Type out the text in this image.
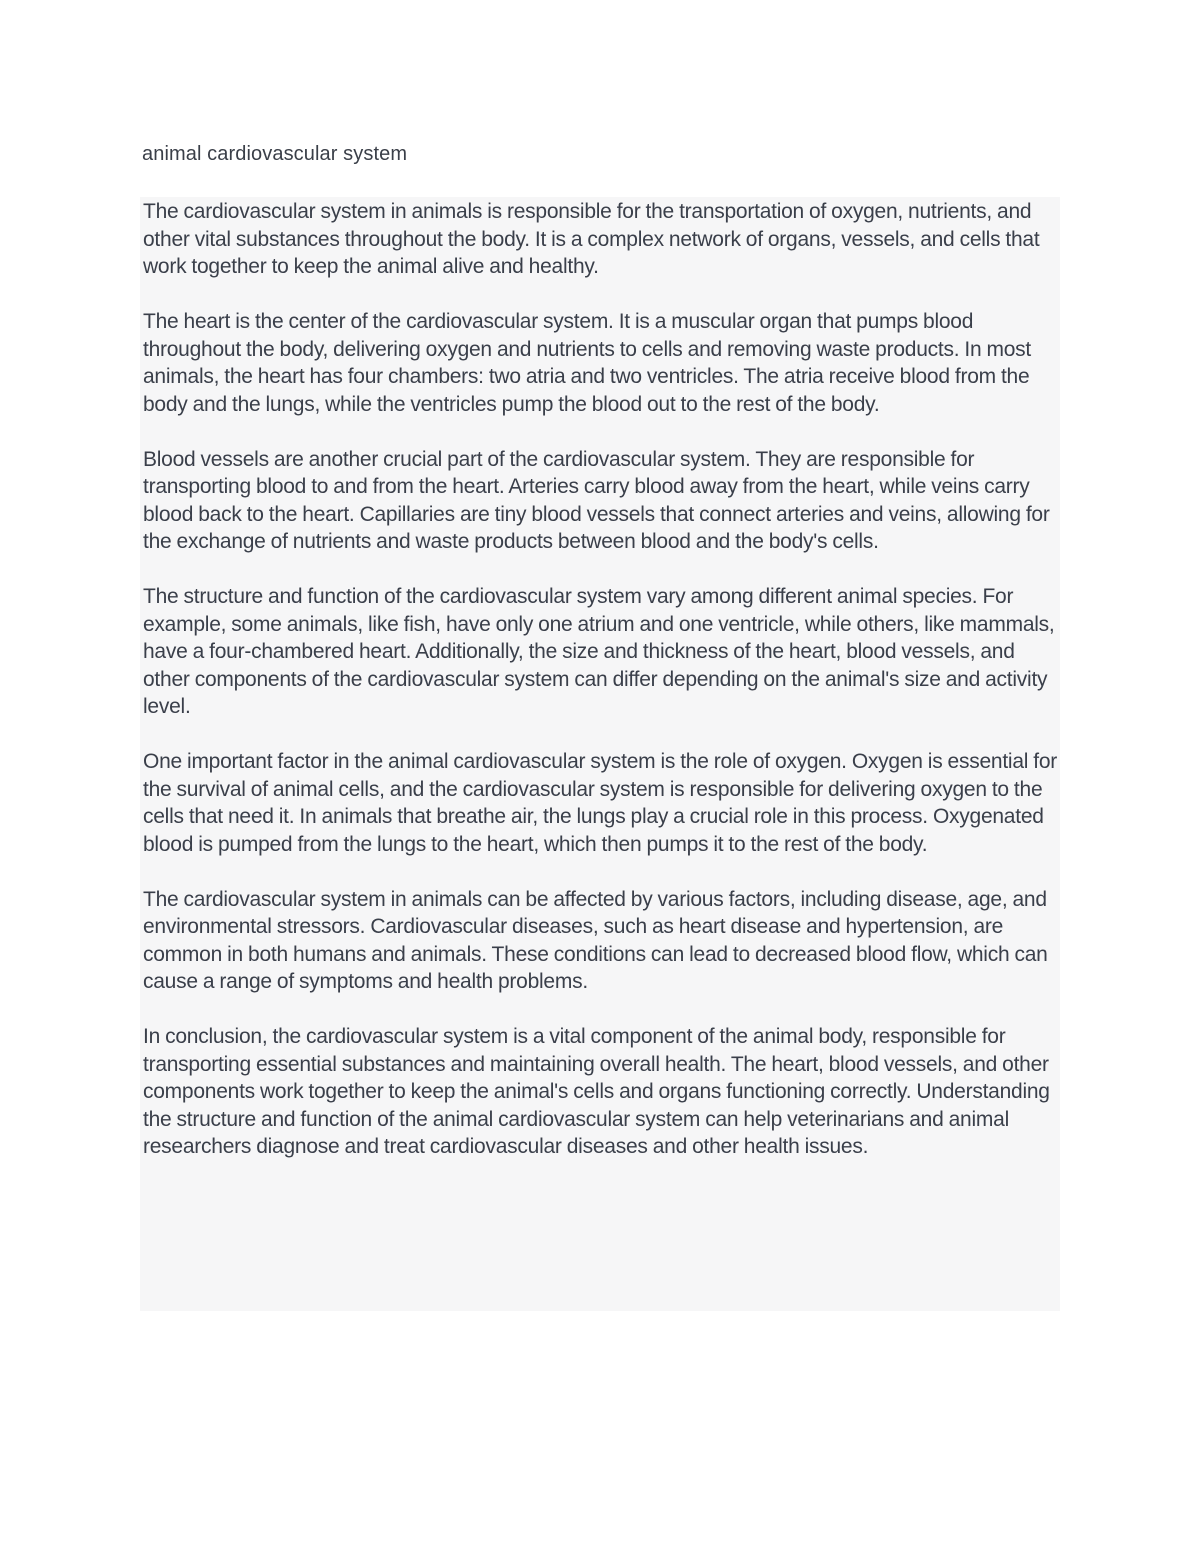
animal cardiovascular system

The cardiovascular system in animals is responsible for the transportation of oxygen, nutrients, and other vital substances throughout the body. It is a complex network of organs, vessels, and cells that work together to keep the animal alive and healthy.

The heart is the center of the cardiovascular system. It is a muscular organ that pumps blood throughout the body, delivering oxygen and nutrients to cells and removing waste products. In most animals, the heart has four chambers: two atria and two ventricles. The atria receive blood from the body and the lungs, while the ventricles pump the blood out to the rest of the body.

Blood vessels are another crucial part of the cardiovascular system. They are responsible for transporting blood to and from the heart. Arteries carry blood away from the heart, while veins carry blood back to the heart. Capillaries are tiny blood vessels that connect arteries and veins, allowing for the exchange of nutrients and waste products between blood and the body's cells.

The structure and function of the cardiovascular system vary among different animal species. For example, some animals, like fish, have only one atrium and one ventricle, while others, like mammals, have a four-chambered heart. Additionally, the size and thickness of the heart, blood vessels, and other components of the cardiovascular system can differ depending on the animal's size and activity level.

One important factor in the animal cardiovascular system is the role of oxygen. Oxygen is essential for the survival of animal cells, and the cardiovascular system is responsible for delivering oxygen to the cells that need it. In animals that breathe air, the lungs play a crucial role in this process. Oxygenated blood is pumped from the lungs to the heart, which then pumps it to the rest of the body.

The cardiovascular system in animals can be affected by various factors, including disease, age, and environmental stressors. Cardiovascular diseases, such as heart disease and hypertension, are common in both humans and animals. These conditions can lead to decreased blood flow, which can cause a range of symptoms and health problems.

In conclusion, the cardiovascular system is a vital component of the animal body, responsible for transporting essential substances and maintaining overall health. The heart, blood vessels, and other components work together to keep the animal's cells and organs functioning correctly. Understanding the structure and function of the animal cardiovascular system can help veterinarians and animal researchers diagnose and treat cardiovascular diseases and other health issues.
